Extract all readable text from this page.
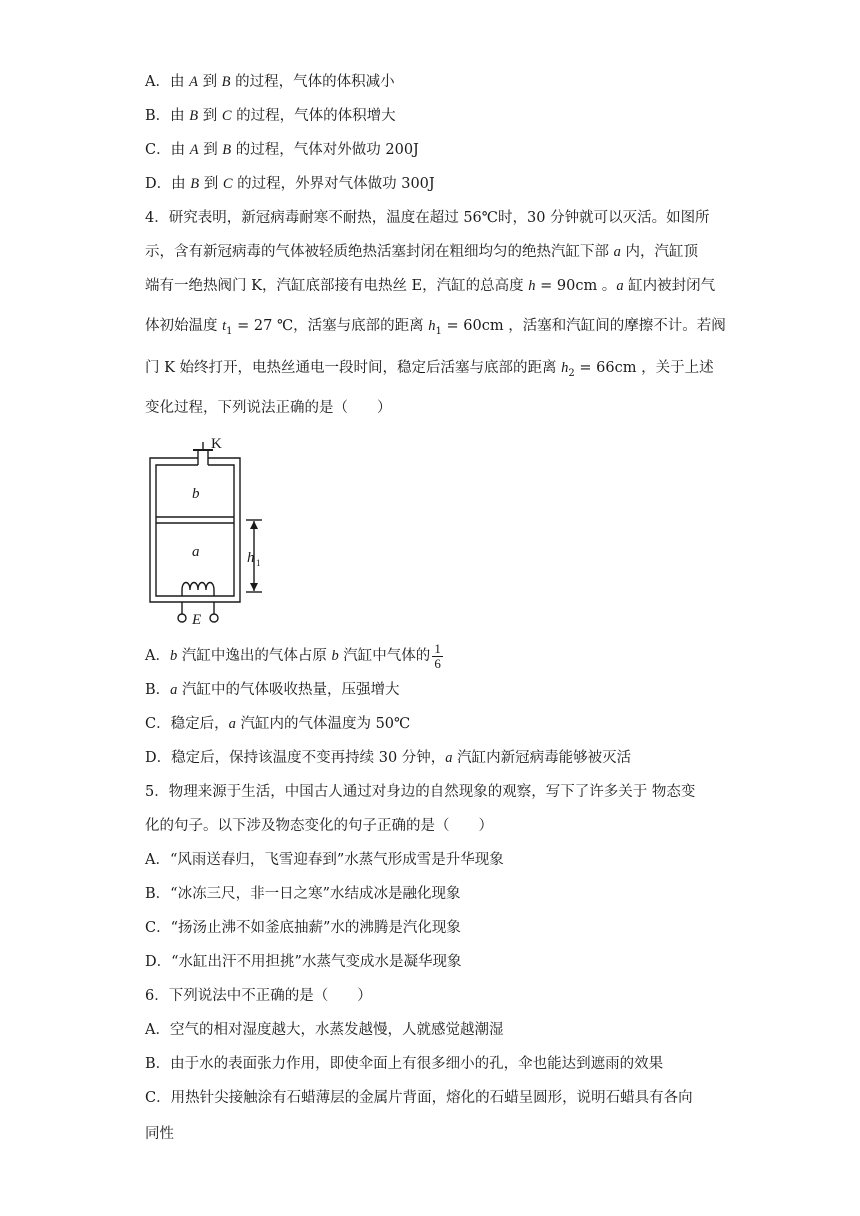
A．由 A 到 B 的过程，气体的体积减小
B．由 B 到 C 的过程，气体的体积增大
C．由 A 到 B 的过程，气体对外做功 200J
D．由 B 到 C 的过程，外界对气体做功 300J
4．研究表明，新冠病毒耐寒不耐热，温度在超过 56℃时，30 分钟就可以灭活。如图所
示，含有新冠病毒的气体被轻质绝热活塞封闭在粗细均匀的绝热汽缸下部 a 内，汽缸顶
端有一绝热阀门 K，汽缸底部接有电热丝 E，汽缸的总高度 h = 90cm 。a 缸内被封闭气
体初始温度 $t_1 = 27$ ℃，活塞与底部的距离 $h_1 = 60cm$ ，活塞和汽缸间的摩擦不计。若阀
门 K 始终打开，电热丝通电一段时间，稳定后活塞与底部的距离 $h_2 = 66cm$ ，关于上述
变化过程，下列说法正确的是（　　）
K
b
a	h 1
E
A．b 汽缸中逸出的气体占原 b 汽缸中气体的 $\frac{1}{6}$
B．a 汽缸中的气体吸收热量，压强增大
C．稳定后，a 汽缸内的气体温度为 50℃
D．稳定后，保持该温度不变再持续 30 分钟，a 汽缸内新冠病毒能够被灭活
5．物理来源于生活，中国古人通过对身边的自然现象的观察，写下了许多关于 物态变
化的句子。以下涉及物态变化的句子正确的是（　　）
A．“风雨送春归，飞雪迎春到”水蒸气形成雪是升华现象
B．“冰冻三尺，非一日之寒”水结成冰是融化现象
C．“扬汤止沸不如釜底抽薪”水的沸腾是汽化现象
D．“水缸出汗不用担挑”水蒸气变成水是凝华现象
6．下列说法中不正确的是（　　）
A．空气的相对湿度越大，水蒸发越慢，人就感觉越潮湿
B．由于水的表面张力作用，即使伞面上有很多细小的孔，伞也能达到遮雨的效果
C．用热针尖接触涂有石蜡薄层的金属片背面，熔化的石蜡呈圆形，说明石蜡具有各向
同性
